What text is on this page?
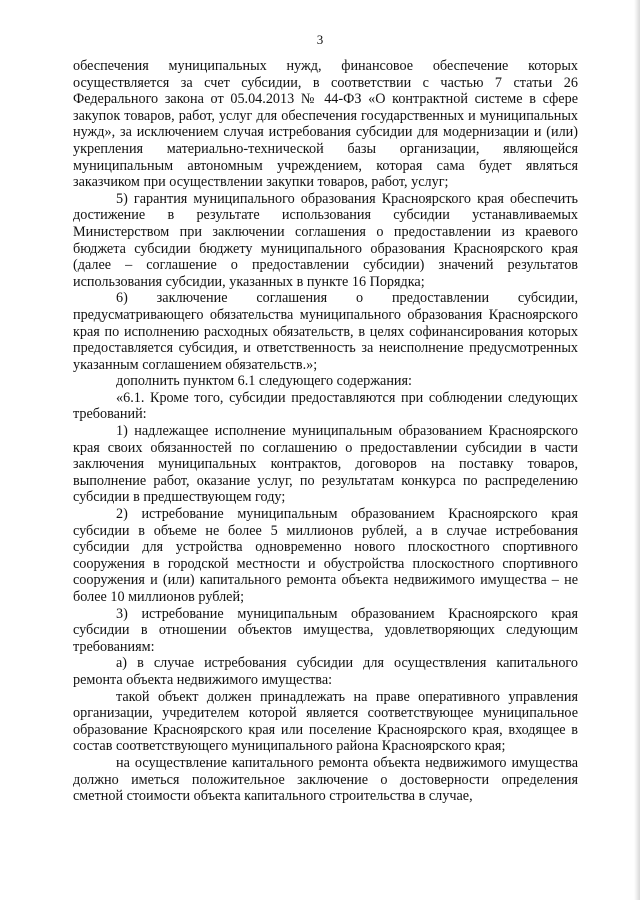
3

обеспечения муниципальных нужд, финансовое обеспечение которых осуществляется за счет субсидии, в соответствии с частью 7 статьи 26 Федерального закона от 05.04.2013 № 44-ФЗ «О контрактной системе в сфере закупок товаров, работ, услуг для обеспечения государственных и муниципальных нужд», за исключением случая истребования субсидии для модернизации и (или) укрепления материально-технической базы организации, являющейся муниципальным автономным учреждением, которая сама будет являться заказчиком при осуществлении закупки товаров, работ, услуг;

5) гарантия муниципального образования Красноярского края обеспечить достижение в результате использования субсидии устанавливаемых Министерством при заключении соглашения о предоставлении из краевого бюджета субсидии бюджету муниципального образования Красноярского края (далее – соглашение о предоставлении субсидии) значений результатов использования субсидии, указанных в пункте 16 Порядка;

6) заключение соглашения о предоставлении субсидии, предусматривающего обязательства муниципального образования Красноярского края по исполнению расходных обязательств, в целях софинансирования которых предоставляется субсидия, и ответственность за неисполнение предусмотренных указанным соглашением обязательств.»;

дополнить пунктом 6.1 следующего содержания:

«6.1. Кроме того, субсидии предоставляются при соблюдении следующих требований:

1) надлежащее исполнение муниципальным образованием Красноярского края своих обязанностей по соглашению о предоставлении субсидии в части заключения муниципальных контрактов, договоров на поставку товаров, выполнение работ, оказание услуг, по результатам конкурса по распределению субсидии в предшествующем году;

2) истребование муниципальным образованием Красноярского края субсидии в объеме не более 5 миллионов рублей, а в случае истребования субсидии для устройства одновременно нового плоскостного спортивного сооружения в городской местности и обустройства плоскостного спортивного сооружения и (или) капитального ремонта объекта недвижимого имущества – не более 10 миллионов рублей;

3) истребование муниципальным образованием Красноярского края субсидии в отношении объектов имущества, удовлетворяющих следующим требованиям:

а) в случае истребования субсидии для осуществления капитального ремонта объекта недвижимого имущества:

такой объект должен принадлежать на праве оперативного управления организации, учредителем которой является соответствующее муниципальное образование Красноярского края или поселение Красноярского края, входящее в состав соответствующего муниципального района Красноярского края;

на осуществление капитального ремонта объекта недвижимого имущества должно иметься положительное заключение о достоверности определения сметной стоимости объекта капитального строительства в случае,
